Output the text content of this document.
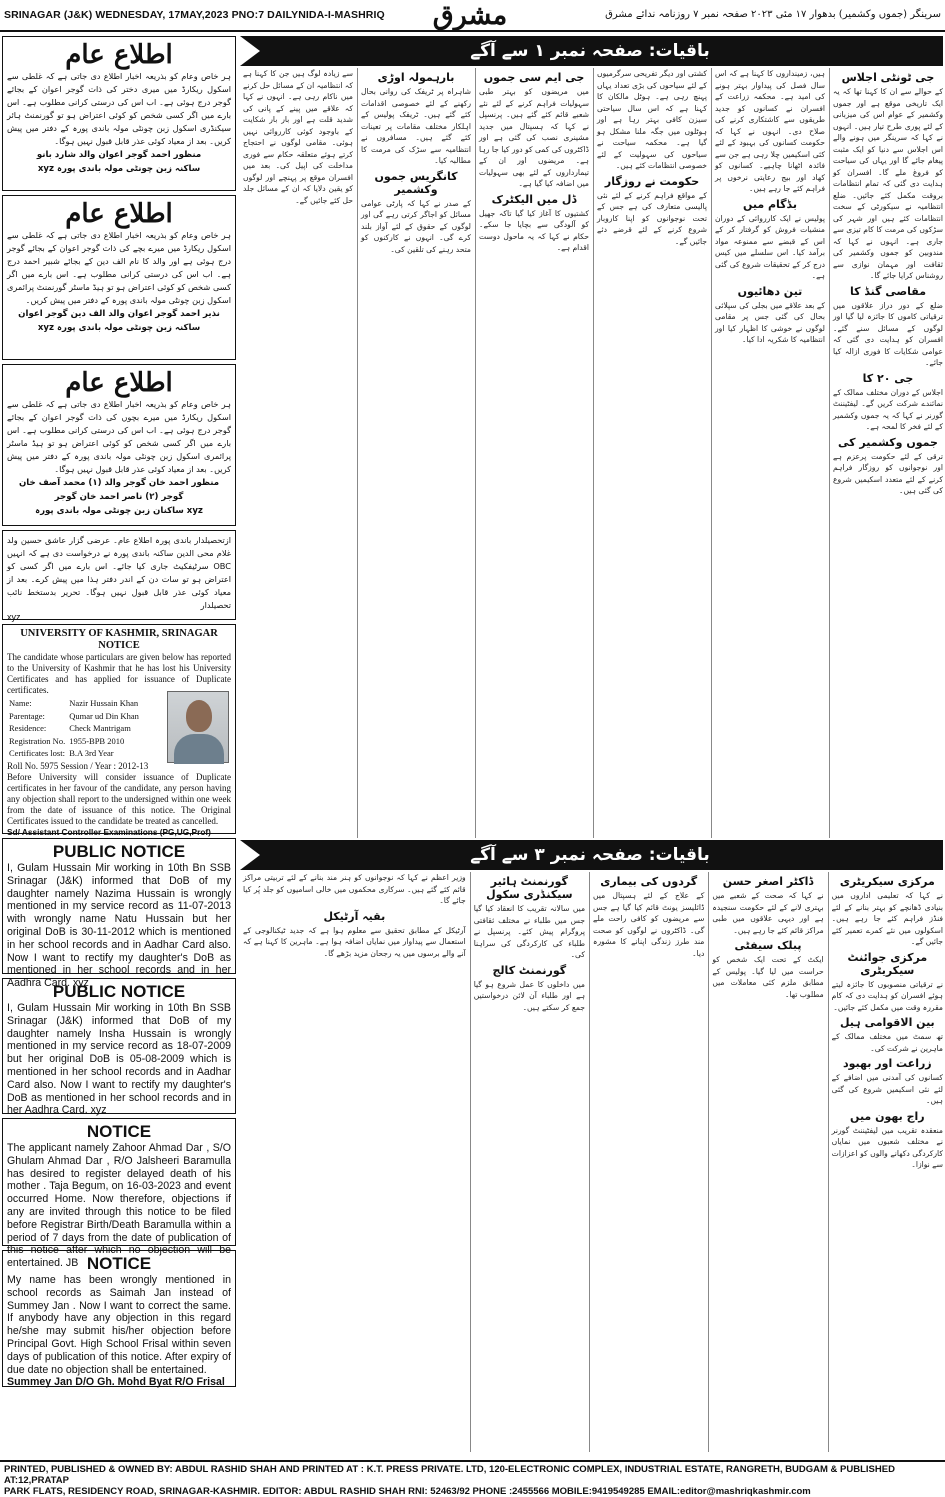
SRINAGAR (J&K) WEDNESDAY, 17MAY,2023 PNO:7 DAILYNIDA-I-MASHRIQ	مشرق	سرینگر (جموں وکشمیر) بدھوار ۱۷ مئی ۲۰۲۳ صفحہ نمبر ۷ روزنامہ ندائے مشرق
اطلاع عام
ہر خاص وعام کو بذریعہ اخبار اطلاع دی جاتی ہے کہ غلطی سے اسکول ریکارڈ میں میری دختر کی ذات گوجر اعوان کے بجائے گوجر درج ہوئی ہے۔ اب اس کی درستی کرانی مطلوب ہے۔ اس بارے میں اگر کسی شخص کو کوئی اعتراض ہو تو گورنمنٹ ہائر سیکنڈری اسکول زبن چونٹی مولہ باندی پورہ کے دفتر میں پیش کریں۔ بعد از معیاد کوئی عذر قابل قبول نہیں ہوگا۔
منظور احمد گوجر اعوان والد شارد بانو
ساکنہ زبن چونٹی مولہ باندی پورہ xyz
اطلاع عام
ہر خاص وعام کو بذریعہ اخبار اطلاع دی جاتی ہے کہ غلطی سے اسکول ریکارڈ میں میرے بچے کی ذات گوجر اعوان کے بجائے گوجر درج ہوئی ہے اور والد کا نام الف دین کے بجائے شبیر احمد درج ہے۔ اب اس کی درستی کرانی مطلوب ہے۔ اس بارے میں اگر کسی شخص کو کوئی اعتراض ہو تو ہیڈ ماسٹر گورنمنٹ پرائمری اسکول زبن چونٹی مولہ باندی پورہ کے دفتر میں پیش کریں۔
نذیر احمد گوجر اعوان والد الف دین گوجر اعوان
ساکنہ زبن چونٹی مولہ باندی پورہ xyz
اطلاع عام
ہر خاص وعام کو بذریعہ اخبار اطلاع دی جاتی ہے کہ غلطی سے اسکول ریکارڈ میں میرے بچوں کی ذات گوجر اعوان کے بجائے گوجر درج ہوئی ہے۔ اب اس کی درستی کرانی مطلوب ہے۔ اس بارے میں اگر کسی شخص کو کوئی اعتراض ہو تو ہیڈ ماسٹر پرائمری اسکول زبن چونٹی مولہ باندی پورہ کے دفتر میں پیش کریں۔ بعد از معیاد کوئی عذر قابل قبول نہیں ہوگا۔
منظور احمد خان گوجر والد (۱) محمد آصف خان گوجر (۲) ناصر احمد خان گوجر
xyz ساکنان زبن چونٹی مولہ باندی پورہ
ازتحصیلدار باندی پورہ اطلاع عام۔ عرضی گزار عاشق حسین ولد غلام محی الدین ساکنہ باندی پورہ نے درخواست دی ہے کہ انہیں OBC سرٹیفکیٹ جاری کیا جائے۔ اس بارے میں اگر کسی کو اعتراض ہو تو سات دن کے اندر دفتر ہذا میں پیش کرے۔ بعد از معیاد کوئی عذر قابل قبول نہیں ہوگا۔ تحریر بدستخط نائب تحصیلدار
xyz
UNIVERSITY OF KASHMIR, SRINAGAR
NOTICE
The candidate whose particulars are given below has reported to the University of Kashmir that he has lost his University Certificates and has applied for issuance of Duplicate certificates.
Name:	Nazir Hussain Khan
Parentage:	Qumar ud Din Khan
Residence:	Check Mantrigam
Registration No.	1955-BPB 2010
Certificates lost:	B.A 3rd Year
Roll No. 5975 Session / Year : 2012-13
Before University will consider issuance of Duplicate certificates in her favour of the candidate, any person having any objection shall report to the undersigned within one week from the date of issuance of this notice. The Original Certificates issued to the candidate be treated as cancelled.
Sd/ Assistant Controller Examinations (PG,UG,Prof)
PUBLIC NOTICE
I, Gulam Hussain Mir working in 10th Bn SSB Srinagar (J&K) informed that DoB of my daughter namely Nazima Hussain is wrongly mentioned in my service record as 11-07-2013 with wrongly name Natu Hussain but her original DoB is 30-11-2012 which is mentioned in her school records and in Aadhar Card also. Now I want to rectify my daughter's DoB as mentioned in her school records and in her Aadhra Card. xyz
PUBLIC NOTICE
I, Gulam Hussain Mir working in 10th Bn SSB Srinagar (J&K) informed that DoB of my daughter namely Insha Hussain is wrongly mentioned in my service record as 18-07-2009 but her original DoB is 05-08-2009 which is mentioned in her school records and in Aadhar Card also. Now I want to rectify my daughter's DoB as mentioned in her school records and in her Aadhra Card. xyz
NOTICE
The applicant namely Zahoor Ahmad Dar , S/O Ghulam Ahmad Dar , R/O Jalsheeri Baramulla has desired to register delayed death of his mother . Taja Begum, on 16-03-2023 and event occurred Home. Now therefore, objections if any are invited through this notice to be filed before Registrar Birth/Death Baramulla within a period of 7 days from the date of publication of this notice after which no objection will be entertained. JB NOTICE
My name has been wrongly mentioned in school records as Saimah Jan instead of Summey Jan . Now I want to correct the same. If anybody have any objection in this regard he/she may submit his/her objection before Principal Govt. High School Frisal within seven days of publication of this notice. After expiry of due date no objection shall be entertained.
Summey Jan D/O Gh. Mohd Byat R/O Frisal
باقیات: صفحہ نمبر ۱ سے آگے
جی ٹونٹی اجلاس
کے حوالے سے ان کا کہنا تھا کہ یہ ایک تاریخی موقع ہے اور جموں وکشمیر کے عوام اس کی میزبانی کے لئے پوری طرح تیار ہیں۔ انہوں نے کہا کہ سرینگر میں ہونے والے اس اجلاس سے دنیا کو ایک مثبت پیغام جائے گا اور یہاں کی سیاحت کو فروغ ملے گا۔ افسران کو ہدایت دی گئی کہ تمام انتظامات بروقت مکمل کئے جائیں۔ ضلع انتظامیہ نے سیکورٹی کے سخت انتظامات کئے ہیں اور شہر کی سڑکوں کی مرمت کا کام تیزی سے جاری ہے۔ انہوں نے کہا کہ مندوبین کو جموں وکشمیر کی ثقافت اور مہمان نوازی سے روشناس کرایا جائے گا۔
مقاصی گنڈ کا
ضلع کے دور دراز علاقوں میں ترقیاتی کاموں کا جائزہ لیا گیا اور لوگوں کے مسائل سنے گئے۔ افسران کو ہدایت دی گئی کہ عوامی شکایات کا فوری ازالہ کیا جائے۔
جی ۲۰ کا
اجلاس کے دوران مختلف ممالک کے نمائندے شرکت کریں گے۔ لیفٹیننٹ گورنر نے کہا کہ یہ جموں وکشمیر کے لئے فخر کا لمحہ ہے۔
جموں وکشمیر کی
ترقی کے لئے حکومت پرعزم ہے اور نوجوانوں کو روزگار فراہم کرنے کے لئے متعدد اسکیمیں شروع کی گئی ہیں۔
ہیں، زمینداروں کا کہنا ہے کہ اس سال فصل کی پیداوار بہتر ہونے کی امید ہے۔ محکمہ زراعت کے افسران نے کسانوں کو جدید طریقوں سے کاشتکاری کرنے کی صلاح دی۔ انہوں نے کہا کہ حکومت کسانوں کی بہبود کے لئے کئی اسکیمیں چلا رہی ہے جن سے فائدہ اٹھانا چاہیے۔ کسانوں کو کھاد اور بیج رعایتی نرخوں پر فراہم کئے جا رہے ہیں۔
بڈگام میں
پولیس نے ایک کارروائی کے دوران منشیات فروش کو گرفتار کر کے اس کے قبضے سے ممنوعہ مواد برآمد کیا۔ اس سلسلے میں کیس درج کر کے تحقیقات شروع کی گئی ہے۔
تین دھائیوں
کے بعد علاقے میں بجلی کی سپلائی بحال کی گئی جس پر مقامی لوگوں نے خوشی کا اظہار کیا اور انتظامیہ کا شکریہ ادا کیا۔
کشتی اور دیگر تفریحی سرگرمیوں کے لئے سیاحوں کی بڑی تعداد یہاں پہنچ رہی ہے۔ ہوٹل مالکان کا کہنا ہے کہ اس سال سیاحتی سیزن کافی بہتر رہا ہے اور ہوٹلوں میں جگہ ملنا مشکل ہو گیا ہے۔ محکمہ سیاحت نے سیاحوں کی سہولیت کے لئے خصوصی انتظامات کئے ہیں۔
حکومت نے روزگار
کے مواقع فراہم کرنے کے لئے نئی پالیسی متعارف کی ہے جس کے تحت نوجوانوں کو اپنا کاروبار شروع کرنے کے لئے قرضے دئے جائیں گے۔
جی ایم سی جموں
میں مریضوں کو بہتر طبی سہولیات فراہم کرنے کے لئے نئے شعبے قائم کئے گئے ہیں۔ پرنسپل نے کہا کہ ہسپتال میں جدید مشینری نصب کی گئی ہے اور ڈاکٹروں کی کمی کو دور کیا جا رہا ہے۔ مریضوں اور ان کے تیمارداروں کے لئے بھی سہولیات میں اضافہ کیا گیا ہے۔
ڈل میں الیکٹرک
کشتیوں کا آغاز کیا گیا تاکہ جھیل کو آلودگی سے بچایا جا سکے۔ حکام نے کہا کہ یہ ماحول دوست اقدام ہے۔
بارہمولہ اوڑی
شاہراہ پر ٹریفک کی روانی بحال رکھنے کے لئے خصوصی اقدامات کئے گئے ہیں۔ ٹریفک پولیس کے اہلکار مختلف مقامات پر تعینات کئے گئے ہیں۔ مسافروں نے انتظامیہ سے سڑک کی مرمت کا مطالبہ کیا۔
کانگریس جموں وکشمیر
کے صدر نے کہا کہ پارٹی عوامی مسائل کو اجاگر کرتی رہے گی اور لوگوں کے حقوق کے لئے آواز بلند کرے گی۔ انہوں نے کارکنوں کو متحد رہنے کی تلقین کی۔
سے زیادہ لوگ ہیں جن کا کہنا ہے کہ انتظامیہ ان کے مسائل حل کرنے میں ناکام رہی ہے۔ انہوں نے کہا کہ علاقے میں پینے کے پانی کی شدید قلت ہے اور بار بار شکایت کے باوجود کوئی کارروائی نہیں ہوئی۔ مقامی لوگوں نے احتجاج کرتے ہوئے متعلقہ حکام سے فوری مداخلت کی اپیل کی۔ بعد میں افسران موقع پر پہنچے اور لوگوں کو یقین دلایا کہ ان کے مسائل جلد حل کئے جائیں گے۔
باقیات: صفحہ نمبر ۳ سے آگے
مرکزی سیکریٹری
نے کہا کہ تعلیمی اداروں میں بنیادی ڈھانچے کو بہتر بنانے کے لئے فنڈز فراہم کئے جا رہے ہیں۔ اسکولوں میں نئے کمرے تعمیر کئے جائیں گے۔
مرکزی جوائنٹ سیکریٹری
نے ترقیاتی منصوبوں کا جائزہ لیتے ہوئے افسران کو ہدایت دی کہ کام مقررہ وقت میں مکمل کئے جائیں۔
بین الاقوامی ہیل
تھ سمٹ میں مختلف ممالک کے ماہرین نے شرکت کی۔
زراعت اور بھبود
کسانوں کی آمدنی میں اضافے کے لئے نئی اسکیمیں شروع کی گئی ہیں۔
راج بھون میں
منعقدہ تقریب میں لیفٹیننٹ گورنر نے مختلف شعبوں میں نمایاں کارکردگی دکھانے والوں کو اعزازات سے نوازا۔
ڈاکٹر اصغر حسن
نے کہا کہ صحت کے شعبے میں بہتری لانے کے لئے حکومت سنجیدہ ہے اور دیہی علاقوں میں طبی مراکز قائم کئے جا رہے ہیں۔
پبلک سیفٹی
ایکٹ کے تحت ایک شخص کو حراست میں لیا گیا۔ پولیس کے مطابق ملزم کئی معاملات میں مطلوب تھا۔
گردوں کی بیماری
کے علاج کے لئے ہسپتال میں ڈائلیسز یونٹ قائم کیا گیا ہے جس سے مریضوں کو کافی راحت ملے گی۔ ڈاکٹروں نے لوگوں کو صحت مند طرز زندگی اپنانے کا مشورہ دیا۔
گورنمنٹ ہائیر سیکنڈری سکول
میں سالانہ تقریب کا انعقاد کیا گیا جس میں طلباء نے مختلف ثقافتی پروگرام پیش کئے۔ پرنسپل نے طلباء کی کارکردگی کی سراہنا کی۔
گورنمنٹ کالج
میں داخلوں کا عمل شروع ہو گیا ہے اور طلباء آن لائن درخواستیں جمع کر سکتے ہیں۔
وزیر اعظم نے کہا کہ نوجوانوں کو ہنر مند بنانے کے لئے تربیتی مراکز قائم کئے گئے ہیں۔ سرکاری محکموں میں خالی اسامیوں کو جلد پُر کیا جائے گا۔
بقیہ آرٹیکل
آرٹیکل کے مطابق تحقیق سے معلوم ہوا ہے کہ جدید ٹیکنالوجی کے استعمال سے پیداوار میں نمایاں اضافہ ہوا ہے۔ ماہرین کا کہنا ہے کہ آنے والے برسوں میں یہ رجحان مزید بڑھے گا۔
PRINTED, PUBLISHED & OWNED BY: ABDUL RASHID SHAH AND PRINTED AT : K.T. PRESS PRIVATE. LTD, 120-ELECTRONIC COMPLEX, INDUSTRIAL ESTATE, RANGRETH, BUDGAM & PUBLISHED AT:12,PRATAP
PARK FLATS, RESIDENCY ROAD, SRINAGAR-KASHMIR. EDITOR: ABDUL RASHID SHAH RNI: 52463/92 PHONE :2455566 MOBILE:9419549285 EMAIL:editor@mashriqkashmir.com
